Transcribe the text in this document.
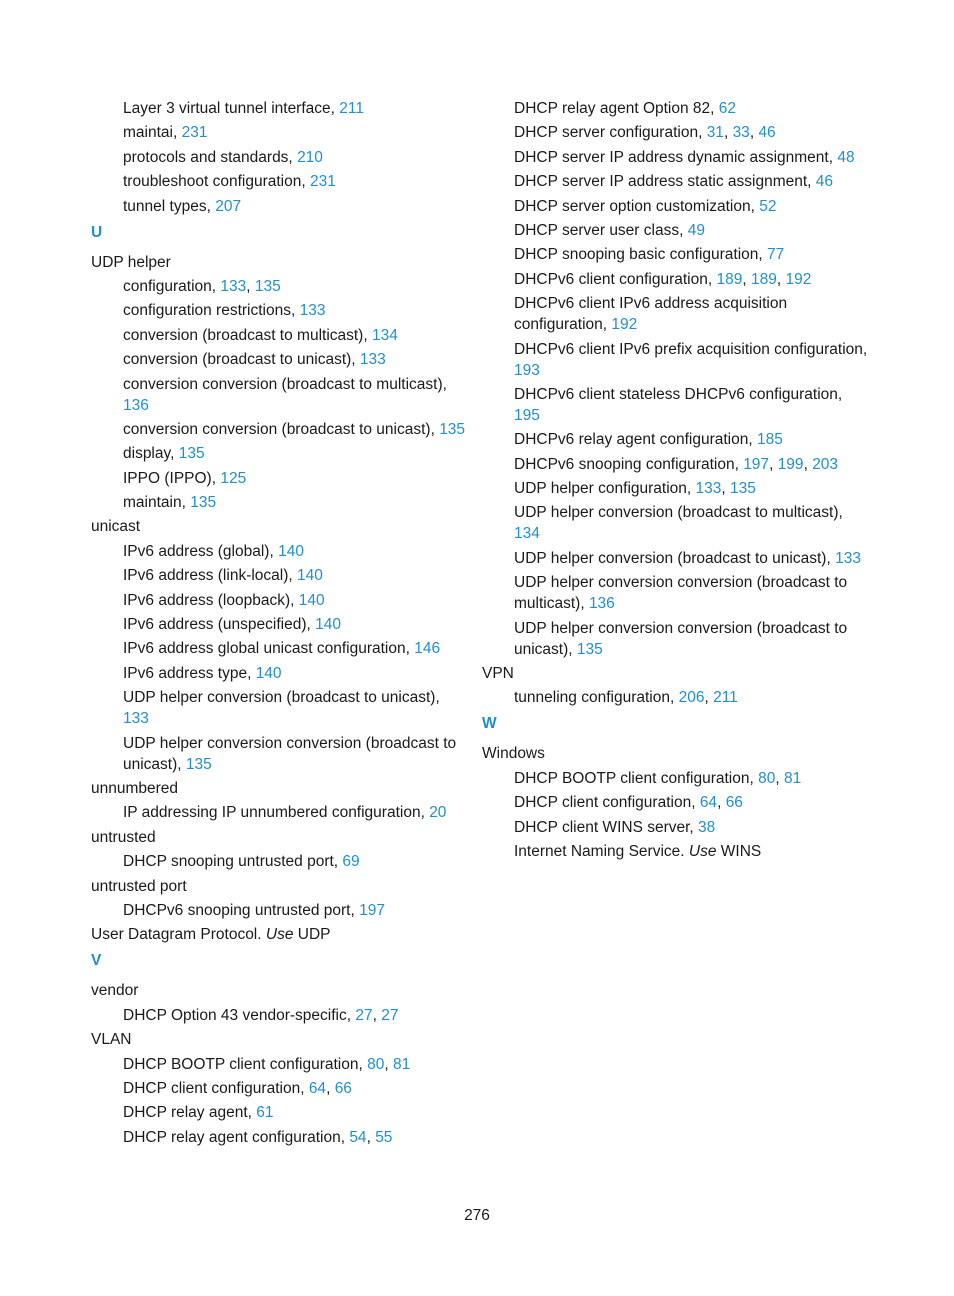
Layer 3 virtual tunnel interface, 211
maintai, 231
protocols and standards, 210
troubleshoot configuration, 231
tunnel types, 207
U
UDP helper
configuration, 133, 135
configuration restrictions, 133
conversion (broadcast to multicast), 134
conversion (broadcast to unicast), 133
conversion conversion (broadcast to multicast), 136
conversion conversion (broadcast to unicast), 135
display, 135
IPPO (IPPO), 125
maintain, 135
unicast
IPv6 address (global), 140
IPv6 address (link-local), 140
IPv6 address (loopback), 140
IPv6 address (unspecified), 140
IPv6 address global unicast configuration, 146
IPv6 address type, 140
UDP helper conversion (broadcast to unicast), 133
UDP helper conversion conversion (broadcast to unicast), 135
unnumbered
IP addressing IP unnumbered configuration, 20
untrusted
DHCP snooping untrusted port, 69
untrusted port
DHCPv6 snooping untrusted port, 197
User Datagram Protocol. Use UDP
V
vendor
DHCP Option 43 vendor-specific, 27, 27
VLAN
DHCP BOOTP client configuration, 80, 81
DHCP client configuration, 64, 66
DHCP relay agent, 61
DHCP relay agent configuration, 54, 55
DHCP relay agent Option 82, 62
DHCP server configuration, 31, 33, 46
DHCP server IP address dynamic assignment, 48
DHCP server IP address static assignment, 46
DHCP server option customization, 52
DHCP server user class, 49
DHCP snooping basic configuration, 77
DHCPv6 client configuration, 189, 189, 192
DHCPv6 client IPv6 address acquisition configuration, 192
DHCPv6 client IPv6 prefix acquisition configuration, 193
DHCPv6 client stateless DHCPv6 configuration, 195
DHCPv6 relay agent configuration, 185
DHCPv6 snooping configuration, 197, 199, 203
UDP helper configuration, 133, 135
UDP helper conversion (broadcast to multicast), 134
UDP helper conversion (broadcast to unicast), 133
UDP helper conversion conversion (broadcast to multicast), 136
UDP helper conversion conversion (broadcast to unicast), 135
VPN
tunneling configuration, 206, 211
W
Windows
DHCP BOOTP client configuration, 80, 81
DHCP client configuration, 64, 66
DHCP client WINS server, 38
Internet Naming Service. Use WINS
276
